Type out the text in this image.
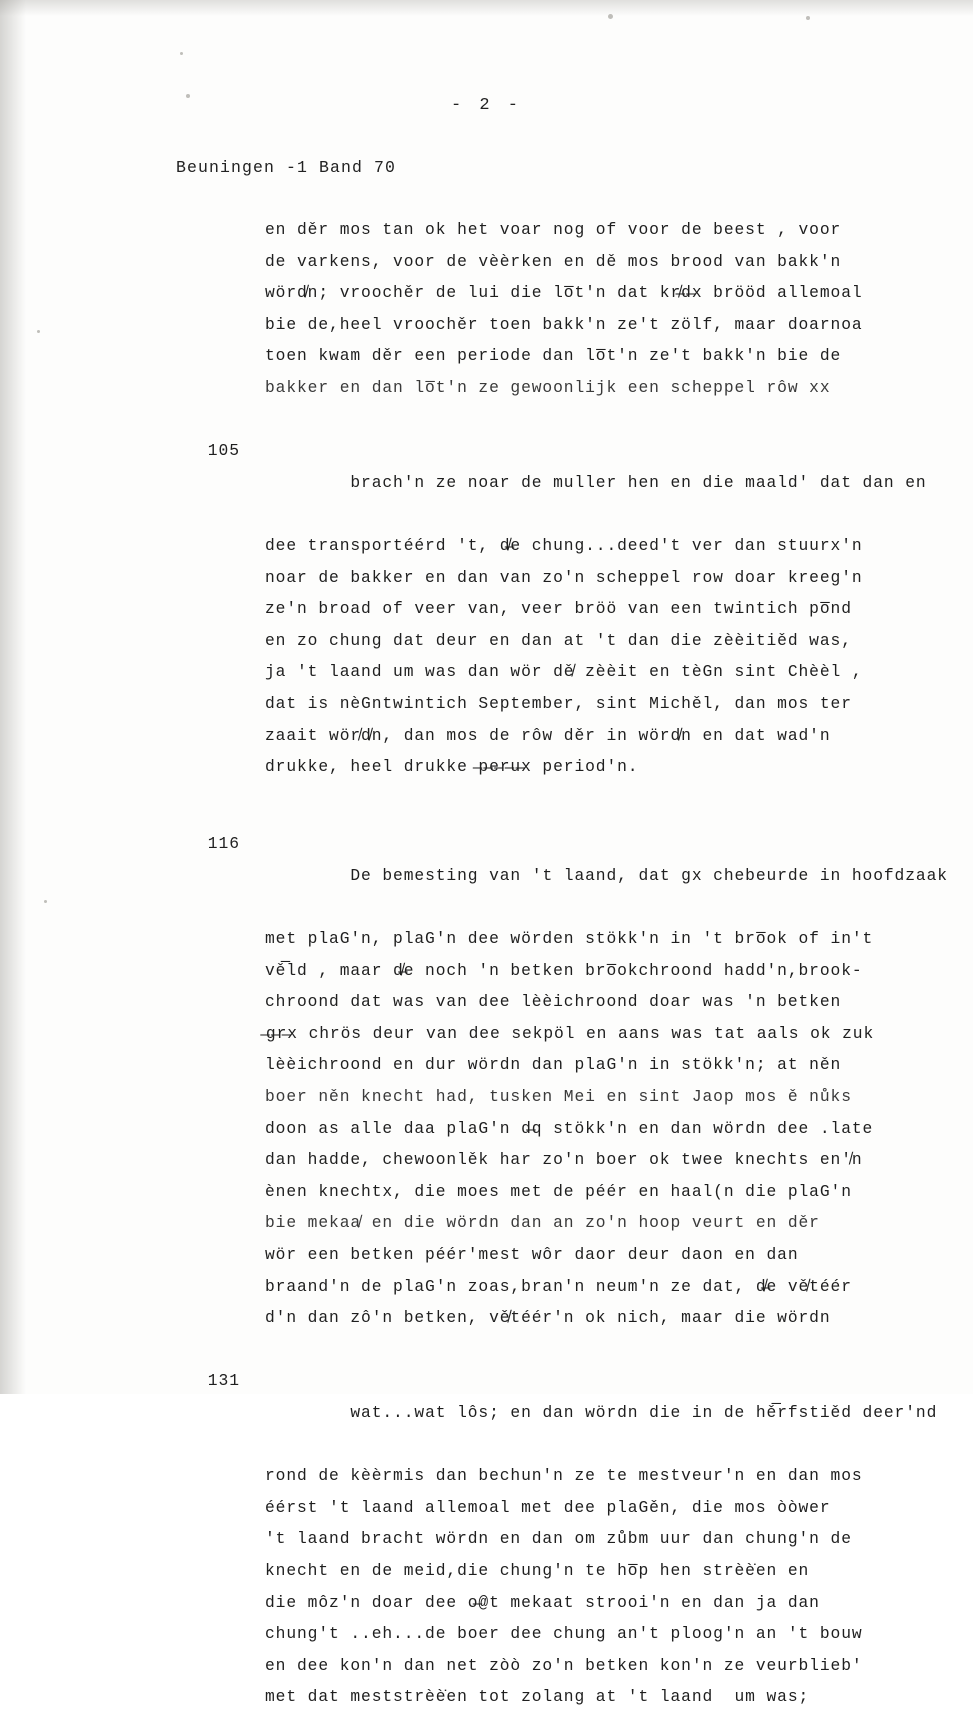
- 2 -
Beuningen -1 Band 70
en děr mos tan ok het voar nog of voor de beest , voor
de varkens, voor de vèèrken en dě mos brood van bakk'n
wörd̸n; vroochěr de lui die lo̅t'n dat kr̶̸d̶x brööd allemoal
bie de,heel vroochěr toen bakk'n ze't zölf, maar doarnoa
toen kwam děr een periode dan lo̅t'n ze't bakk'n bie de
bakker en dan lo̅t'n ze gewoonlijk een scheppel rôw xx

105

brach'n ze noar de muller hen en die maald' dat dan en

dee transportéérd 't, d̶̸e chung...deed't ver dan stuurx'n
noar de bakker en dan van zo'n scheppel row doar kreeg'n
ze'n broad of veer van, veer bröö van een twintich po̅nd
en zo chung dat deur en dan at 't dan die zèèitiěd was,
ja 't laand um was dan wör dě̸ zèèit en tèGn sint Chèèl ,
dat is nèGntwintich September, sint Michěl, dan mos ter
zaait wör̸d̸n, dan mos de rôw děr in wörd̸n en dat wad'n
drukke, heel drukke ̶p̶e̶r̶u̶x period'n.

116

De bemesting van 't laand, dat gx chebeurde in hoofdzaak

met plaG'n, plaG'n dee wörden stökk'n in 't bro̅ok of in't
vě̅ld , maar d̶̸e noch 'n betken bro̅okchroond hadd'n,brook-
chroond dat was van dee lèèichroond doar was 'n betken
̶g̶r̶x chrös deur van dee sekpöl en aans was tat aals ok zuk
lèèichroond en dur wördn dan plaG'n in stökk'n; at něn
boer něn knecht had, tusken Mei en sint Jaop mos ě nůks
doon as alle daa plaG'n d̶q stökk'n en dan wördn dee .late
dan hadde, chewoonlěk har zo'n boer ok twee knechts en'̸n
ènen knechtx, die moes met de péér en haal(n die plaG'n
bie mekaa̸ en die wördn dan an zo'n hoop veurt en děr
wör een betken péér'mest wôr daor deur daon en dan
braand'n de plaG'n zoas,bran'n neum'n ze dat, d̶̸e vě̸téér
d'n dan zô'n betken, vě̸téér'n ok nich, maar die wördn

131

wat...wat lôs; en dan wördn die in de hě̅rfstiěd deer'nd

rond de kèèrmis dan bechun'n ze te mestveur'n en dan mos
éérst 't laand allemoal met dee plaGěn, die mos òòwer
't laand bracht wördn en dan om zůbm uur dan chung'n de
knecht en de meid,die chung'n te ho̅p hen strèè̇en en
die môz'n doar dee o̶@t mekaat strooi'n en dan ja dan
chung't ..eh...de boer dee chung an't ploog'n an 't bouw
en dee kon'n dan net zòò zo'n betken kon'n ze veurblieb'
met dat meststrèè̇en tot zolang at 't laand  um was;
